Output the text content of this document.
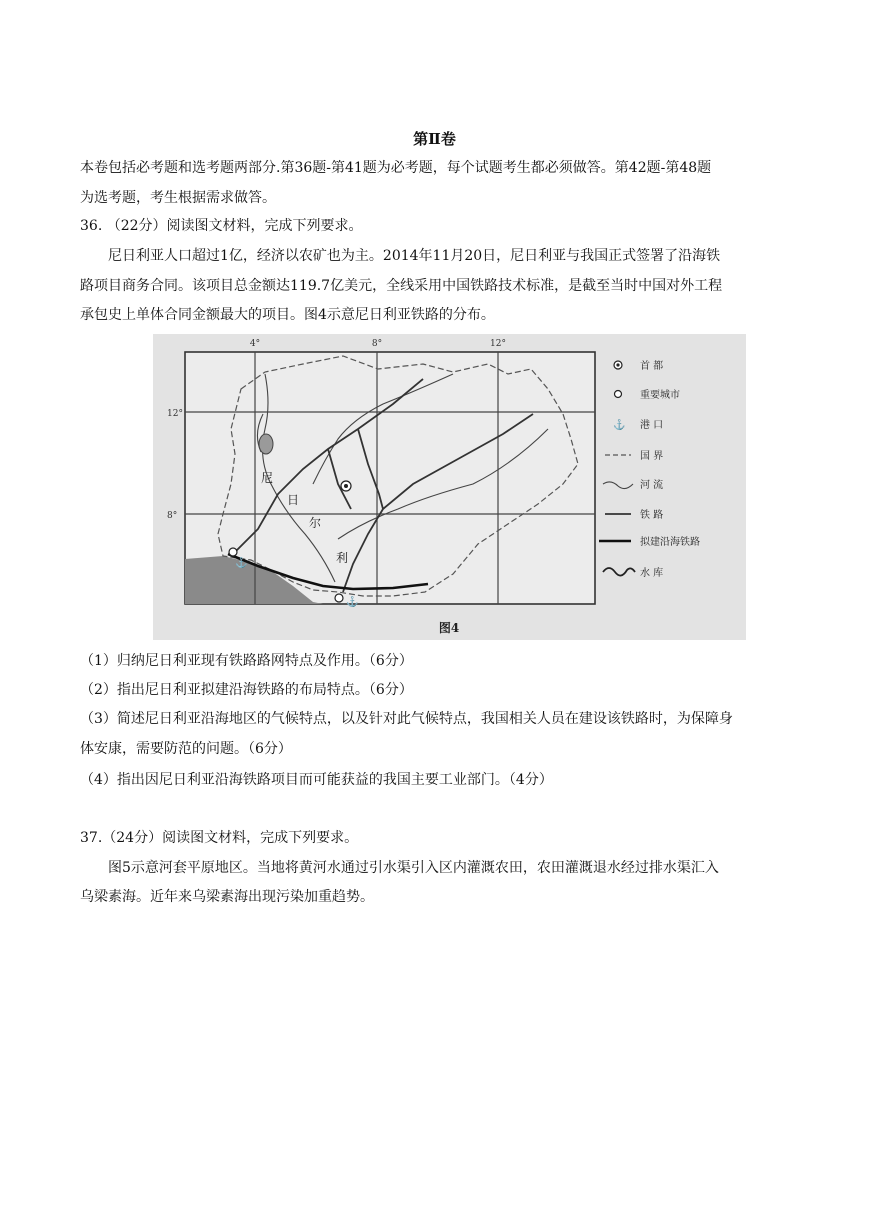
第Ⅱ卷
本卷包括必考题和选考题两部分.第36题-第41题为必考题，每个试题考生都必须做答。第42题-第48题
为选考题，考生根据需求做答。
36. （22分）阅读图文材料，完成下列要求。
尼日利亚人口超过1亿，经济以农矿也为主。2014年11月20日，尼日利亚与我国正式签署了沿海铁
路项目商务合同。该项目总金额达119.7亿美元，全线采用中国铁路技术标准，是截至当时中国对外工程
承包史上单体合同金额最大的项目。图4示意尼日利亚铁路的分布。
4°	8°	12°
12°
8°
⚓
⚓
尼
日
尔
利
首 都
重要城市
⚓ 港 口
国 界
河 流
铁 路
拟建沿海铁路
水 库
图4
（1）归纳尼日利亚现有铁路路网特点及作用。（6分）
（2）指出尼日利亚拟建沿海铁路的布局特点。（6分）
（3）简述尼日利亚沿海地区的气候特点，以及针对此气候特点，我国相关人员在建设该铁路时，为保障身
体安康，需要防范的问题。（6分）
（4）指出因尼日利亚沿海铁路项目而可能获益的我国主要工业部门。（4分）
37.（24分）阅读图文材料，完成下列要求。
图5示意河套平原地区。当地将黄河水通过引水渠引入区内灌溉农田，农田灌溉退水经过排水渠汇入
乌梁素海。近年来乌梁素海出现污染加重趋势。
